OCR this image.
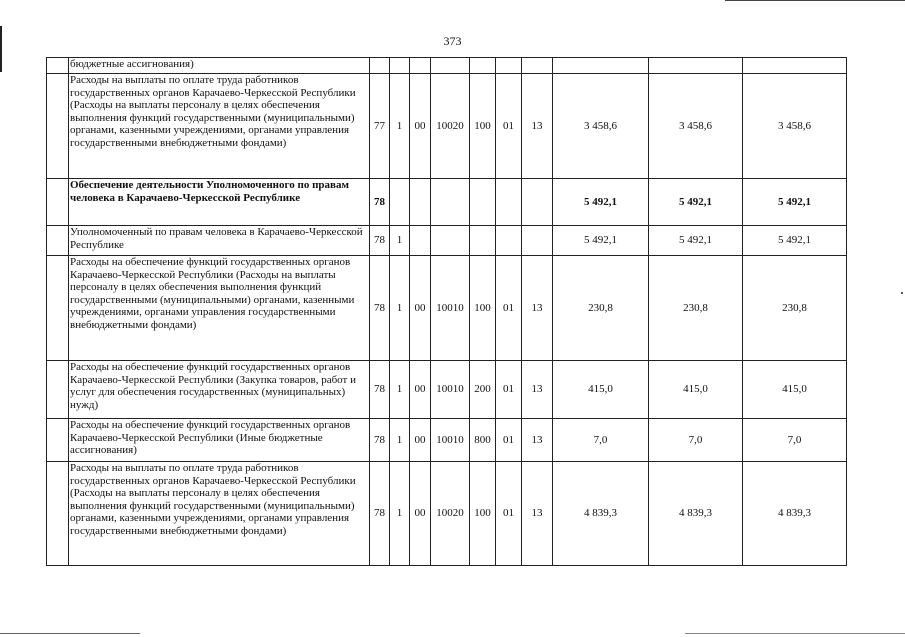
373
	бюджетные ассигнования)										
	Расходы на выплаты по оплате труда работников государственных органов Карачаево-Черкесской Республики (Расходы на выплаты персоналу в целях обеспечения выполнения функций государственными (муниципальными) органами, казенными учреждениями, органами управления государственными внебюджетными фондами)	77	1	00	10020	100	01	13	3 458,6	3 458,6	3 458,6
	Обеспечение деятельности Уполномоченного по правам человека в Карачаево-Черкесской Республике	78							5 492,1	5 492,1	5 492,1
	Уполномоченный по правам человека в Карачаево-Черкесской Республике	78	1						5 492,1	5 492,1	5 492,1
	Расходы на обеспечение функций государственных органов Карачаево-Черкесской Республики (Расходы на выплаты персоналу в целях обеспечения выполнения функций государственными (муниципальными) органами, казенными учреждениями, органами управления государственными внебюджетными фондами)	78	1	00	10010	100	01	13	230,8	230,8	230,8
	Расходы на обеспечение функций государственных органов Карачаево-Черкесской Республики (Закупка товаров, работ и услуг для обеспечения государственных (муниципальных) нужд)	78	1	00	10010	200	01	13	415,0	415,0	415,0
	Расходы на обеспечение функций государственных органов Карачаево-Черкесской Республики (Иные бюджетные ассигнования)	78	1	00	10010	800	01	13	7,0	7,0	7,0
	Расходы на выплаты по оплате труда работников государственных органов Карачаево-Черкесской Республики (Расходы на выплаты персоналу в целях обеспечения выполнения функций государственными (муниципальными) органами, казенными учреждениями, органами управления государственными внебюджетными фондами)	78	1	00	10020	100	01	13	4 839,3	4 839,3	4 839,3
